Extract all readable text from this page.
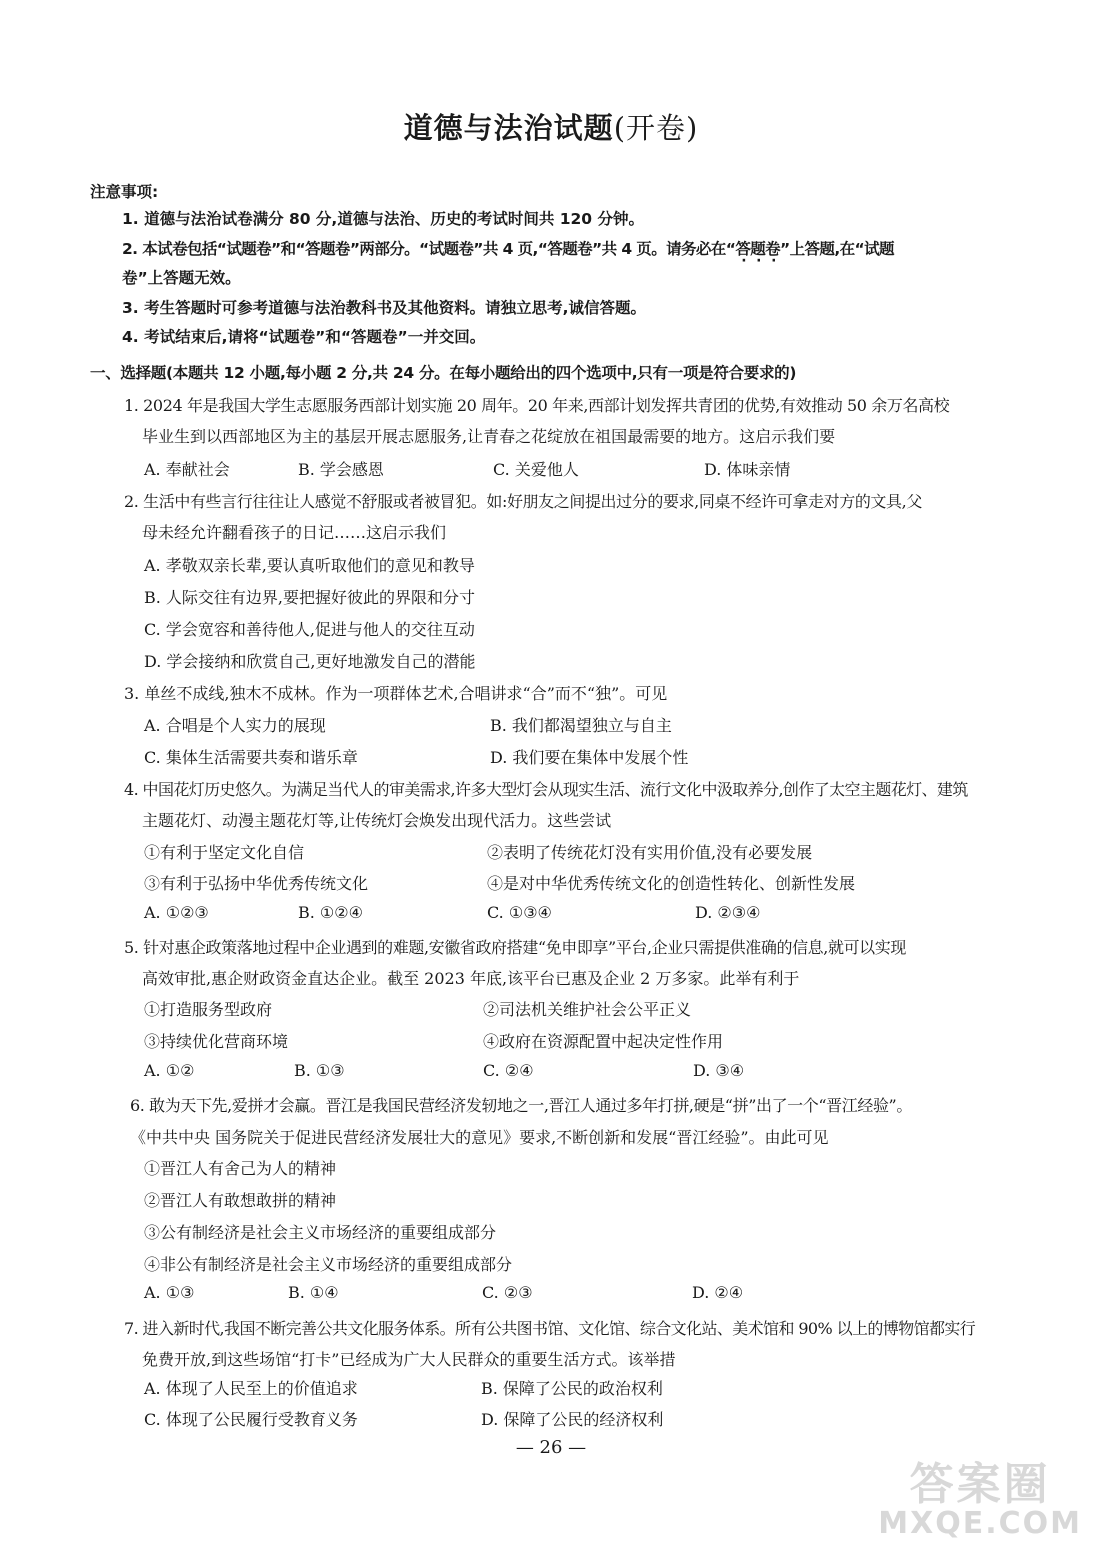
道德与法治试题(开卷)
注意事项:
1. 道德与法治试卷满分 80 分,道德与法治、历史的考试时间共 120 分钟。
2. 本试卷包括“试题卷”和“答题卷”两部分。“试题卷”共 4 页,“答题卷”共 4 页。请务必在“答题卷”上答题,在“试题
卷”上答题无效。
3. 考生答题时可参考道德与法治教科书及其他资料。请独立思考,诚信答题。
4. 考试结束后,请将“试题卷”和“答题卷”一并交回。
一、选择题(本题共 12 小题,每小题 2 分,共 24 分。在每小题给出的四个选项中,只有一项是符合要求的)
1. 2024 年是我国大学生志愿服务西部计划实施 20 周年。20 年来,西部计划发挥共青团的优势,有效推动 50 余万名高校
毕业生到以西部地区为主的基层开展志愿服务,让青春之花绽放在祖国最需要的地方。这启示我们要
A. 奉献社会	B. 学会感恩	C. 关爱他人	D. 体味亲情
2. 生活中有些言行往往让人感觉不舒服或者被冒犯。如:好朋友之间提出过分的要求,同桌不经许可拿走对方的文具,父
母未经允许翻看孩子的日记……这启示我们
A. 孝敬双亲长辈,要认真听取他们的意见和教导
B. 人际交往有边界,要把握好彼此的界限和分寸
C. 学会宽容和善待他人,促进与他人的交往互动
D. 学会接纳和欣赏自己,更好地激发自己的潜能
3. 单丝不成线,独木不成林。作为一项群体艺术,合唱讲求“合”而不“独”。可见
A. 合唱是个人实力的展现	B. 我们都渴望独立与自主
C. 集体生活需要共奏和谐乐章	D. 我们要在集体中发展个性
4. 中国花灯历史悠久。为满足当代人的审美需求,许多大型灯会从现实生活、流行文化中汲取养分,创作了太空主题花灯、建筑
主题花灯、动漫主题花灯等,让传统灯会焕发出现代活力。这些尝试
①有利于坚定文化自信	②表明了传统花灯没有实用价值,没有必要发展
③有利于弘扬中华优秀传统文化	④是对中华优秀传统文化的创造性转化、创新性发展
A. ①②③	B. ①②④	C. ①③④	D. ②③④
5. 针对惠企政策落地过程中企业遇到的难题,安徽省政府搭建“免申即享”平台,企业只需提供准确的信息,就可以实现
高效审批,惠企财政资金直达企业。截至 2023 年底,该平台已惠及企业 2 万多家。此举有利于
①打造服务型政府	②司法机关维护社会公平正义
③持续优化营商环境	④政府在资源配置中起决定性作用
A. ①②	B. ①③	C. ②④	D. ③④
6. 敢为天下先,爱拼才会赢。晋江是我国民营经济发轫地之一,晋江人通过多年打拼,硬是“拼”出了一个“晋江经验”。
《中共中央 国务院关于促进民营经济发展壮大的意见》要求,不断创新和发展“晋江经验”。由此可见
①晋江人有舍己为人的精神
②晋江人有敢想敢拼的精神
③公有制经济是社会主义市场经济的重要组成部分
④非公有制经济是社会主义市场经济的重要组成部分
A. ①③	B. ①④	C. ②③	D. ②④
7. 进入新时代,我国不断完善公共文化服务体系。所有公共图书馆、文化馆、综合文化站、美术馆和 90% 以上的博物馆都实行
免费开放,到这些场馆“打卡”已经成为广大人民群众的重要生活方式。该举措
A. 体现了人民至上的价值追求	B. 保障了公民的政治权利
C. 体现了公民履行受教育义务	D. 保障了公民的经济权利
— 26 —
答案圈
MXQE.COM
